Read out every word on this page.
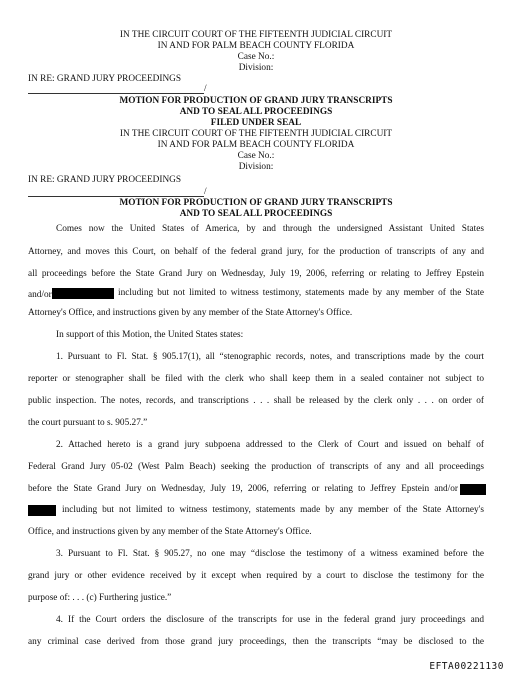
IN THE CIRCUIT COURT OF THE FIFTEENTH JUDICIAL CIRCUIT
IN AND FOR PALM BEACH COUNTY FLORIDA
Case No.:
Division:
IN RE: GRAND JURY PROCEEDINGS
/
MOTION FOR PRODUCTION OF GRAND JURY TRANSCRIPTS
AND TO SEAL ALL PROCEEDINGS
FILED UNDER SEAL
IN THE CIRCUIT COURT OF THE FIFTEENTH JUDICIAL CIRCUIT
IN AND FOR PALM BEACH COUNTY FLORIDA
Case No.:
Division:
IN RE: GRAND JURY PROCEEDINGS
/
MOTION FOR PRODUCTION OF GRAND JURY TRANSCRIPTS
AND TO SEAL ALL PROCEEDINGS
Comes now the United States of America, by and through the undersigned Assistant United States
Attorney, and moves this Court, on behalf of the federal grand jury, for the production of transcripts of any and
all proceedings before the State Grand Jury on Wednesday, July 19, 2006, referring or relating to Jeffrey Epstein
and/or	including but not limited to witness testimony, statements made by any member of the State
Attorney's Office, and instructions given by any member of the State Attorney's Office.
In support of this Motion, the United States states:
1. Pursuant to Fl. Stat. § 905.17(1), all “stenographic records, notes, and transcriptions made by the court
reporter or stenographer shall be filed with the clerk who shall keep them in a sealed container not subject to
public inspection. The notes, records, and transcriptions . . . shall be released by the clerk only . . . on order of
the court pursuant to s. 905.27.”
2. Attached hereto is a grand jury subpoena addressed to the Clerk of Court and issued on behalf of
Federal Grand Jury 05-02 (West Palm Beach) seeking the production of transcripts of any and all proceedings
before the State Grand Jury on Wednesday, July 19, 2006, referring or relating to Jeffrey Epstein and/or
including but not limited to witness testimony, statements made by any member of the State Attorney's
Office, and instructions given by any member of the State Attorney's Office.
3. Pursuant to Fl. Stat. § 905.27, no one may “disclose the testimony of a witness examined before the
grand jury or other evidence received by it except when required by a court to disclose the testimony for the
purpose of: . . . (c) Furthering justice.”
4. If the Court orders the disclosure of the transcripts for use in the federal grand jury proceedings and
any criminal case derived from those grand jury proceedings, then the transcripts “may be disclosed to the
EFTA00221130
